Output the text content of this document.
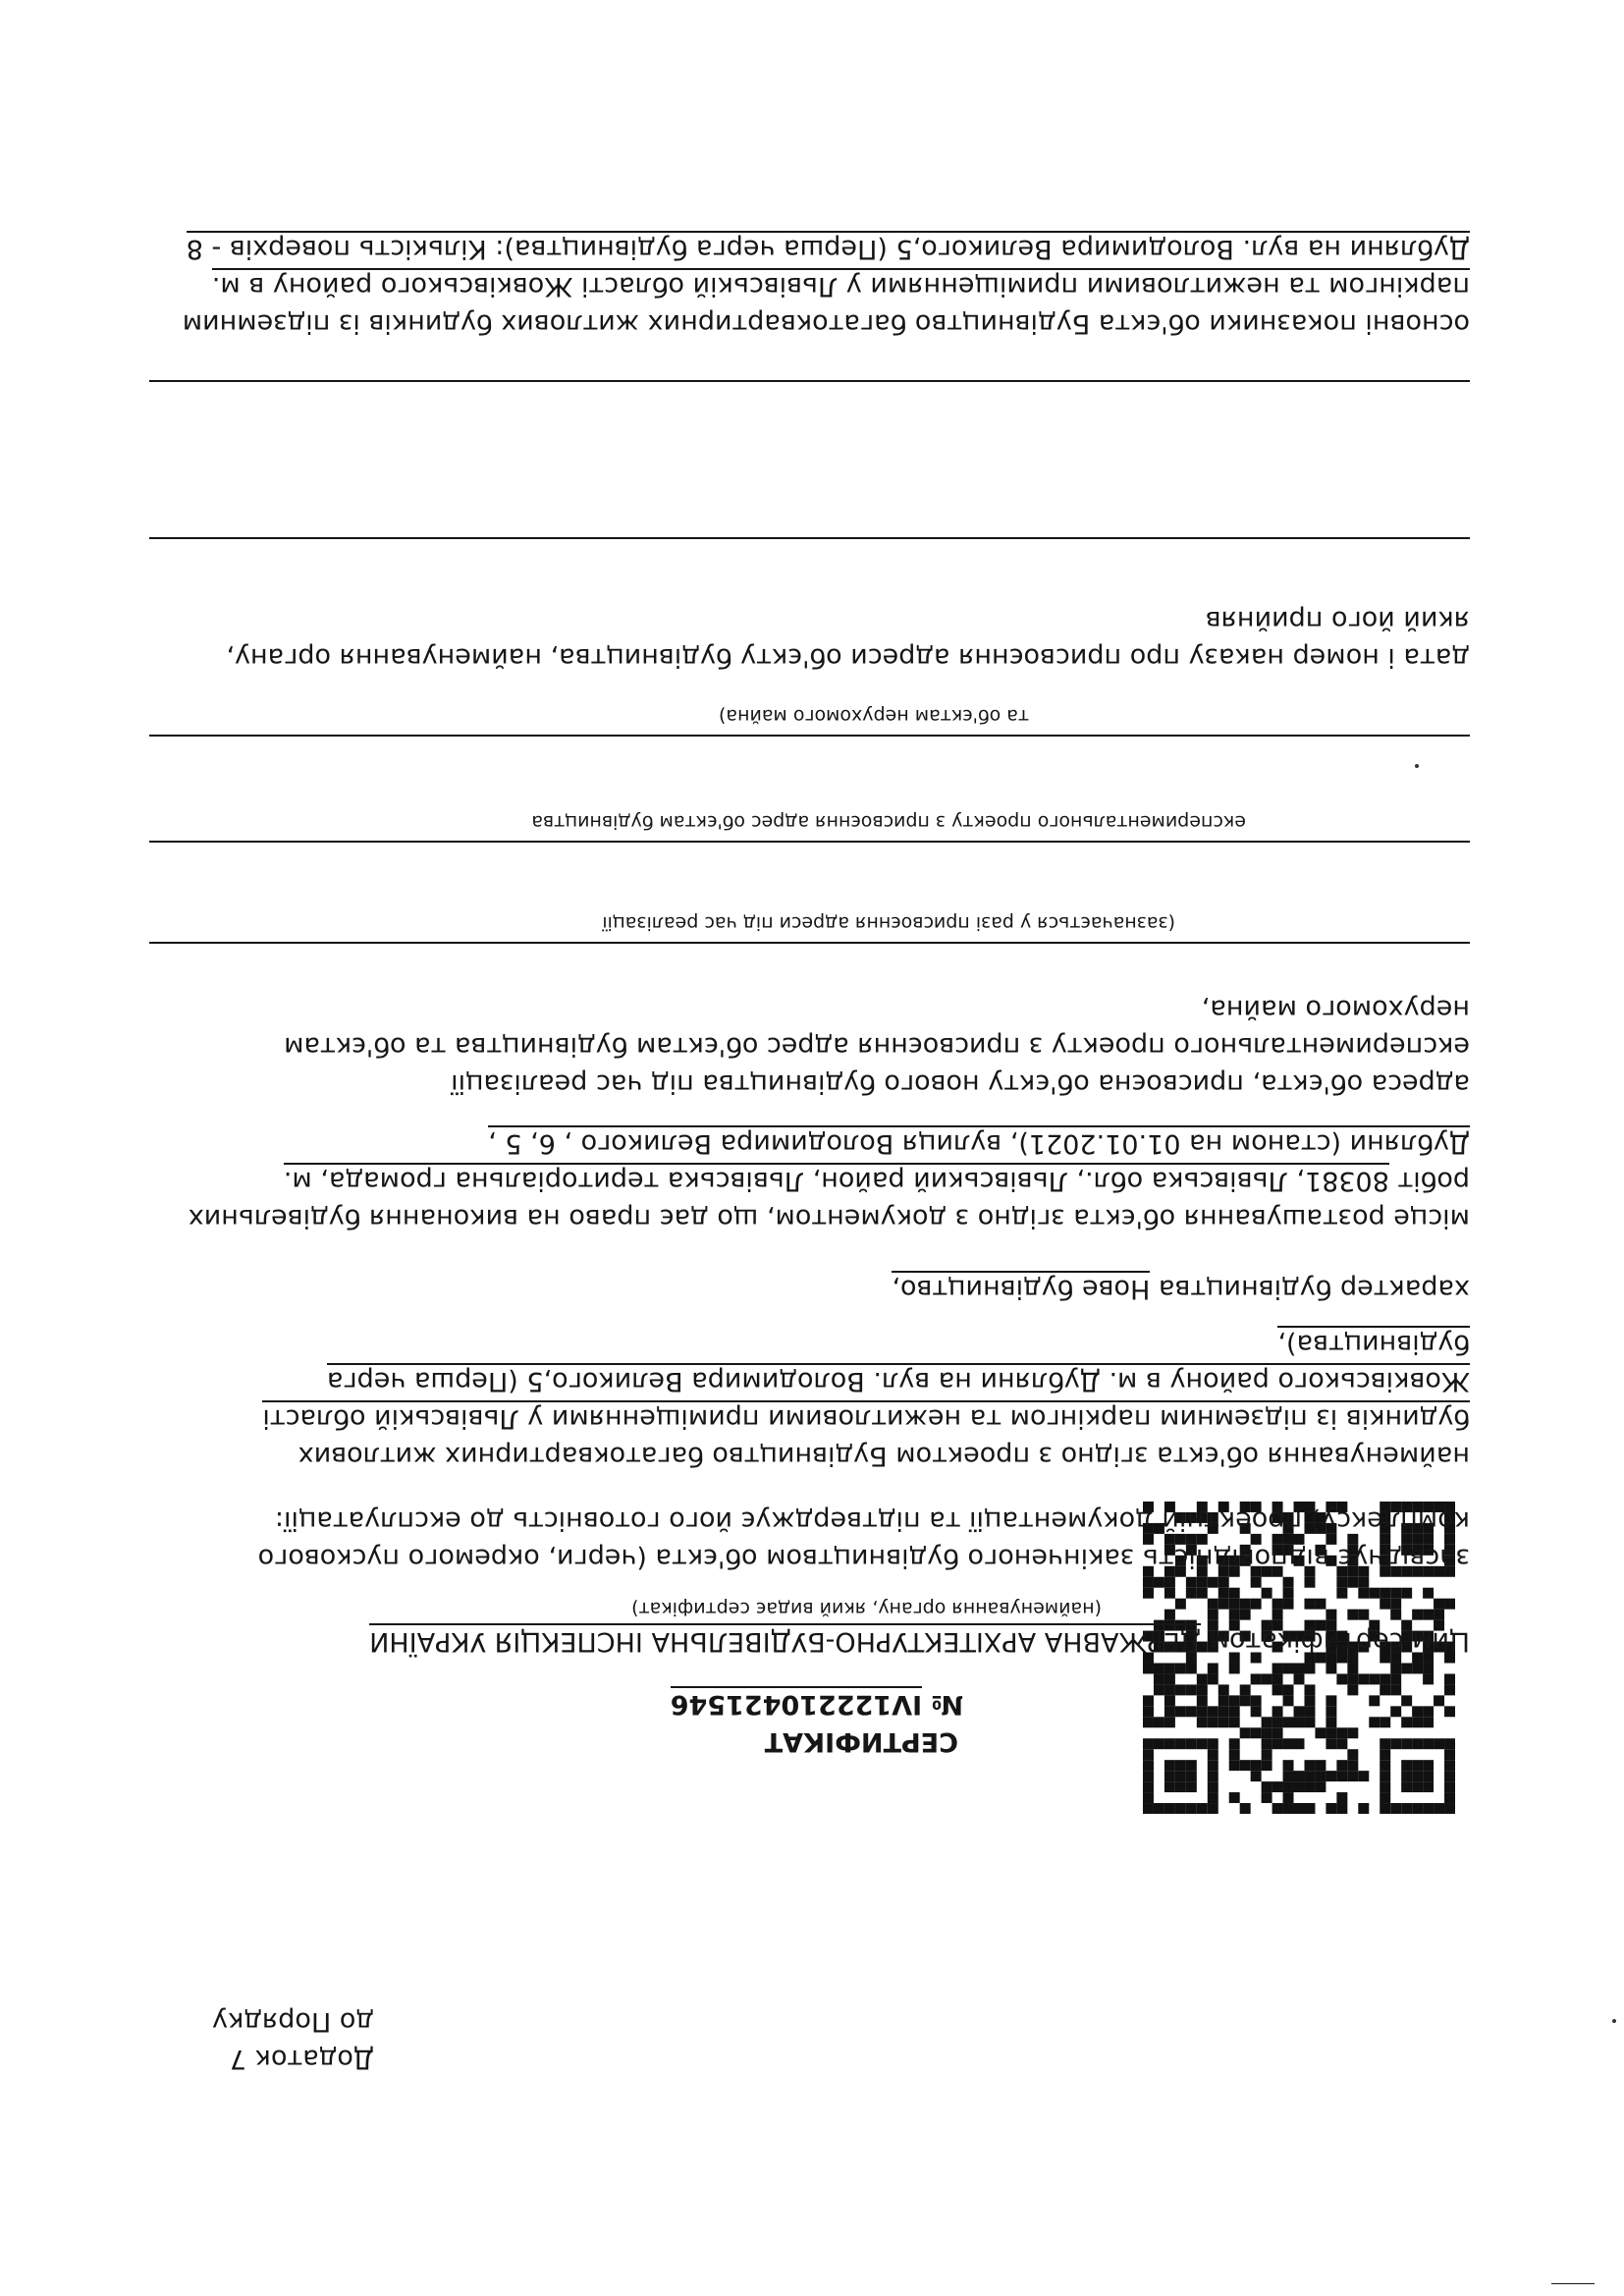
Додаток 7
до Порядку
СЕРТИФІКАТ
№ IV122210421546
Цим сертифікатом ДЕРЖАВНА АРХІТЕКТУРНО-БУДІВЕЛЬНА ІНСПЕКЦІЯ УКРАЇНИ
(найменування органу, який видає сертифікат)
засвідчує відповідність закінченого будівництвом об'єкта (черги, окремого пускового
комплексу) проектній документації та підтверджує його готовність до експлуатації:
найменування об'єкта згідно з проектом Будівництво багатоквартирних житлових
будинків із підземним паркінгом та нежитловими приміщеннями у Львівській області
Жовківського району в м. Дубляни на вул. Володимира Великого,5 (Перша черга
будівництва),
характер будівництва Нове будівництво,
місце розташування об'єкта згідно з документом, що дає право на виконання будівельних
робіт 80381, Львівська обл., Львівський район, Львівська територіальна громада, м.
Дубляни (станом на 01.01.2021), вулиця Володимира Великого , 6, 5 ,
адреса об'єкта, присвоєна об'єкту нового будівництва під час реалізації
експериментального проекту з присвоєння адрес об'єктам будівництва та об'єктам
нерухомого майна,
(зазначається у разі присвоєння адреси під час реалізації
експериментального проекту з присвоєння адрес об'єктам будівництва
та об'єктам нерухомого майна)
дата і номер наказу про присвоєння адреси об'єкту будівництва, найменування органу,
який його прийняв
основні показники об'єкта Будівництво багатоквартирних житлових будинків із підземним
паркінгом та нежитловими приміщеннями у Львівській області Жовківського району в м.
Дубляни на вул. Володимира Великого,5 (Перша черга будівництва): Кількість поверхів - 8
